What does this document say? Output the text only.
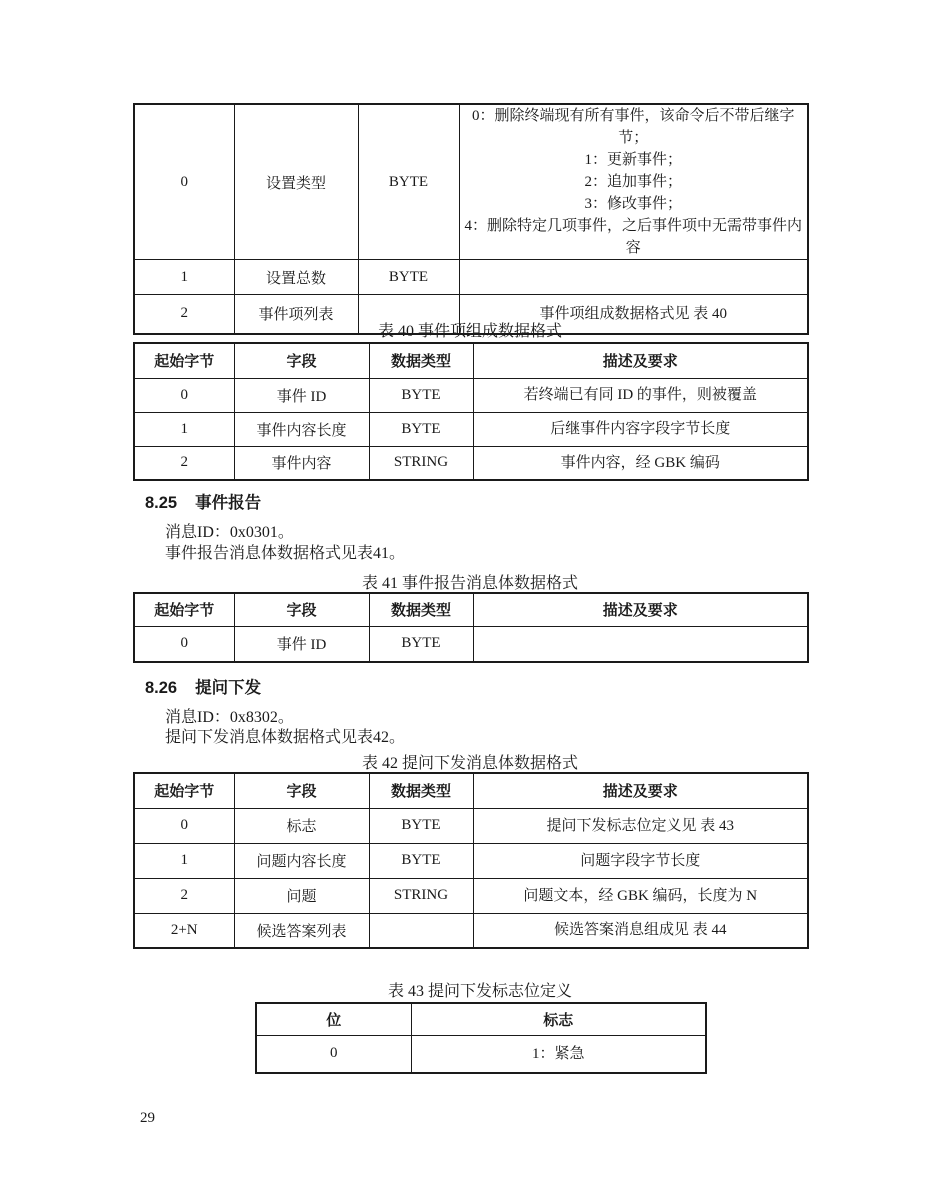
0	设置类型	BYTE	0：删除终端现有所有事件，该命令后不带后继字节；
1：更新事件；
2：追加事件；
3：修改事件；
4：删除特定几项事件，之后事件项中无需带事件内容

1	设置总数	BYTE	
2	事件项列表		事件项组成数据格式见 表 40
表 40 事件项组成数据格式
起始字节	字段	数据类型	描述及要求
0	事件 ID	BYTE	若终端已有同 ID 的事件，则被覆盖
1	事件内容长度	BYTE	后继事件内容字段字节长度
2	事件内容	STRING	事件内容，经 GBK 编码
8.25 事件报告
消息ID：0x0301。
事件报告消息体数据格式见表41。
表 41 事件报告消息体数据格式
起始字节	字段	数据类型	描述及要求
0	事件 ID	BYTE	
8.26 提问下发
消息ID：0x8302。
提问下发消息体数据格式见表42。
表 42 提问下发消息体数据格式
起始字节	字段	数据类型	描述及要求
0	标志	BYTE	提问下发标志位定义见 表 43
1	问题内容长度	BYTE	问题字段字节长度
2	问题	STRING	问题文本，经 GBK 编码，长度为 N
2+N	候选答案列表		候选答案消息组成见 表 44
表 43 提问下发标志位定义
位	标志
0	1：紧急
29
